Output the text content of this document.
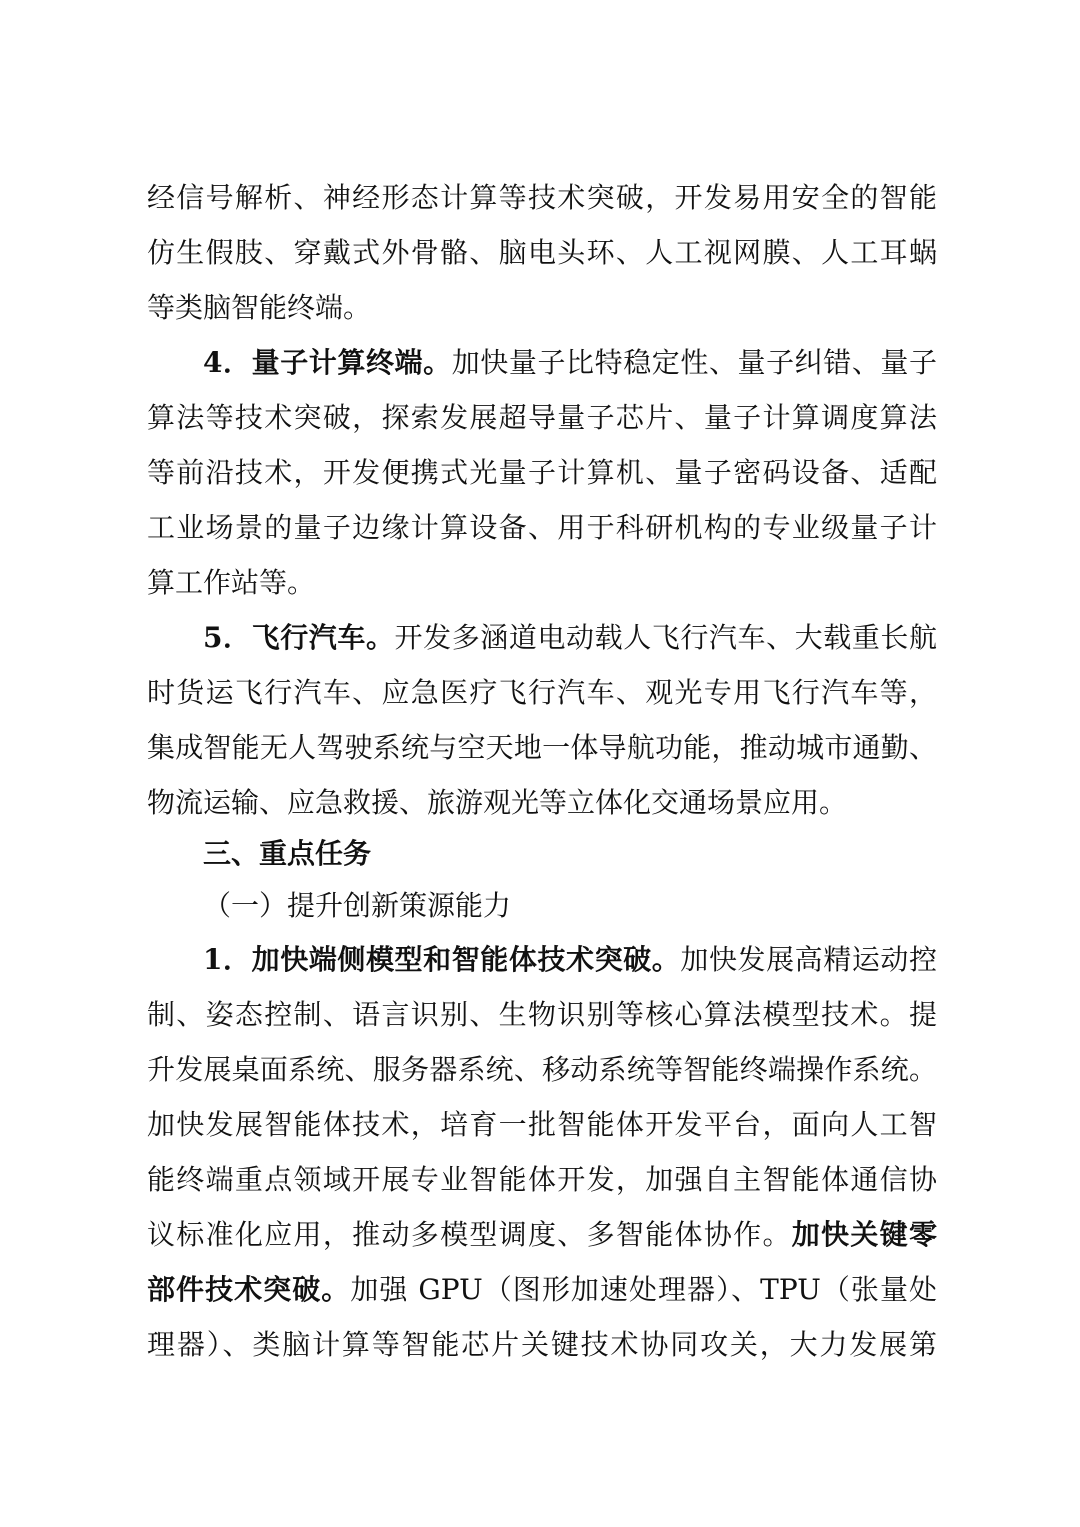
经信号解析、神经形态计算等技术突破，开发易用安全的智能
仿生假肢、穿戴式外骨骼、脑电头环、人工视网膜、人工耳蜗
等类脑智能终端。
4．量子计算终端。加快量子比特稳定性、量子纠错、量子
算法等技术突破，探索发展超导量子芯片、量子计算调度算法
等前沿技术，开发便携式光量子计算机、量子密码设备、适配
工业场景的量子边缘计算设备、用于科研机构的专业级量子计
算工作站等。
5．飞行汽车。开发多涵道电动载人飞行汽车、大载重长航
时货运飞行汽车、应急医疗飞行汽车、观光专用飞行汽车等，
集成智能无人驾驶系统与空天地一体导航功能，推动城市通勤、
物流运输、应急救援、旅游观光等立体化交通场景应用。
三、重点任务
（一）提升创新策源能力
1．加快端侧模型和智能体技术突破。加快发展高精运动控
制、姿态控制、语言识别、生物识别等核心算法模型技术。提
升发展桌面系统、服务器系统、移动系统等智能终端操作系统。
加快发展智能体技术，培育一批智能体开发平台，面向人工智
能终端重点领域开展专业智能体开发，加强自主智能体通信协
议标准化应用，推动多模型调度、多智能体协作。加快关键零
部件技术突破。加强 GPU（图形加速处理器）、TPU（张量处
理器）、类脑计算等智能芯片关键技术协同攻关，大力发展第
